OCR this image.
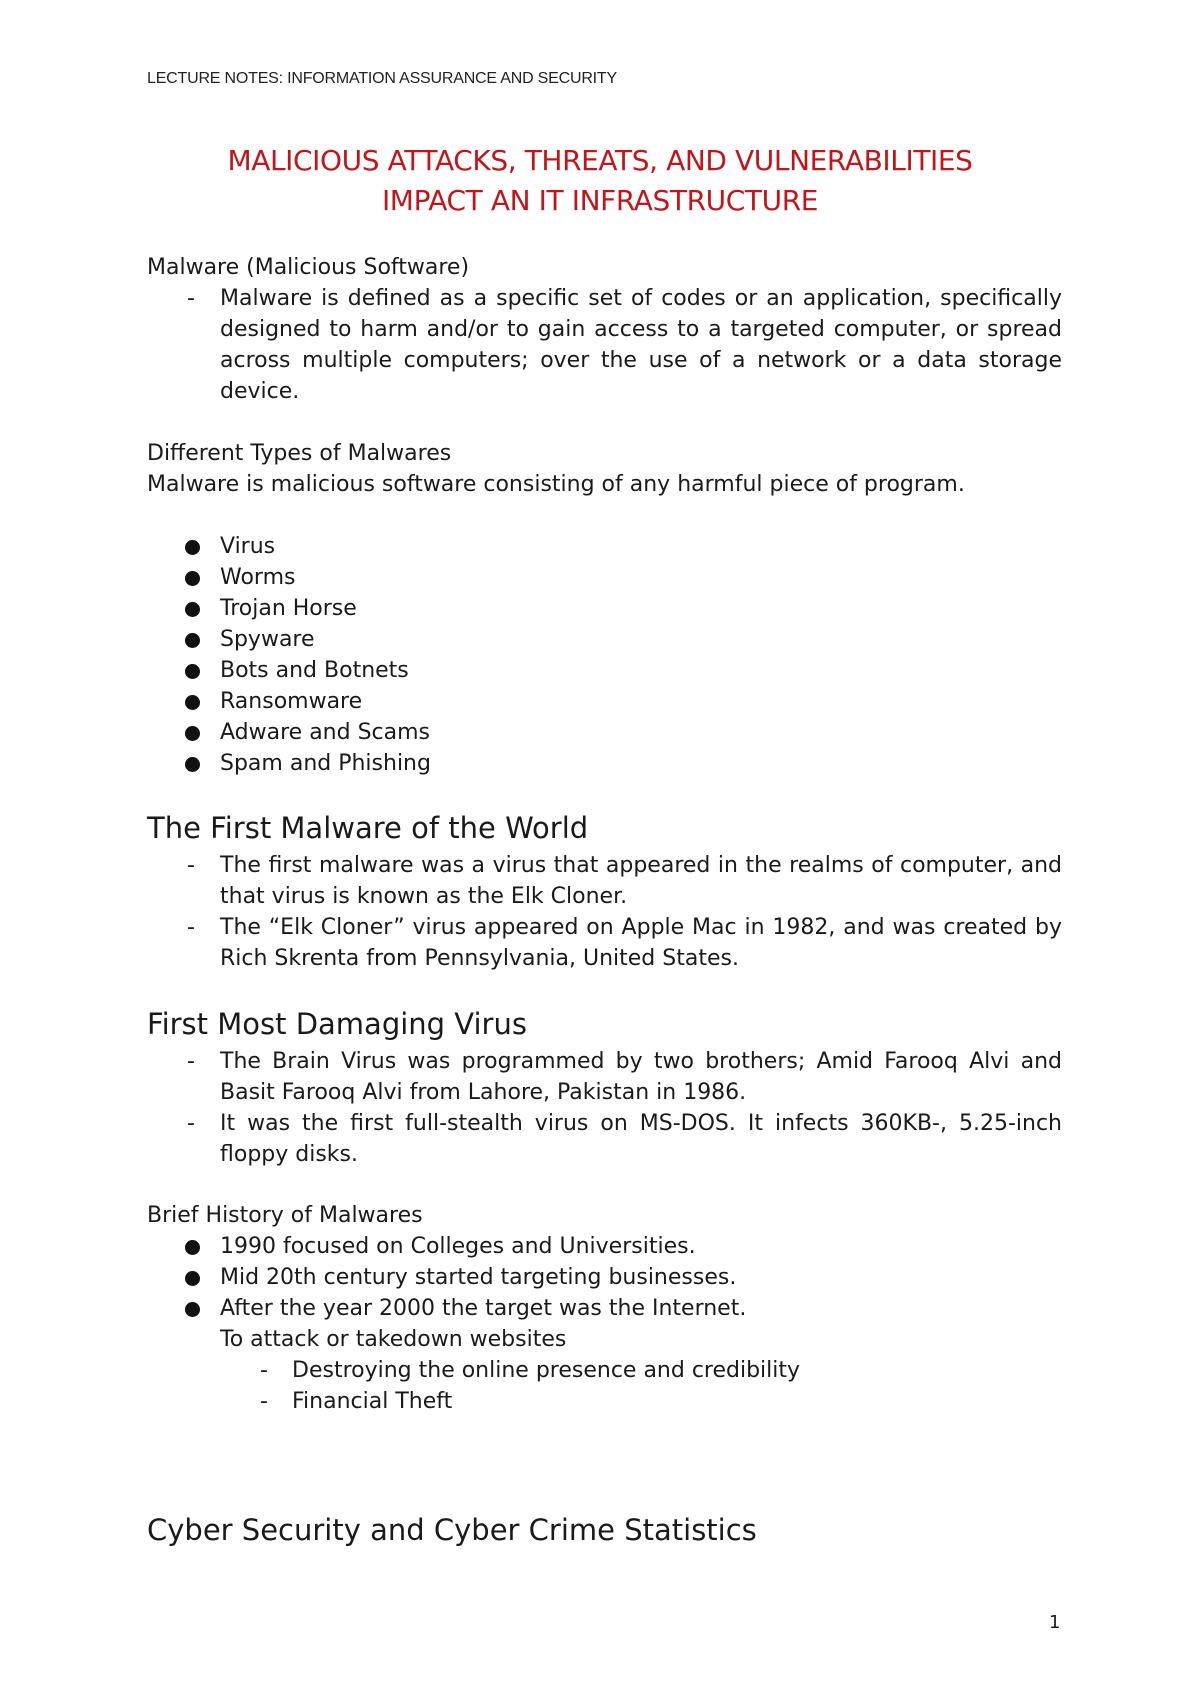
LECTURE NOTES: INFORMATION ASSURANCE AND SECURITY
MALICIOUS ATTACKS, THREATS, AND VULNERABILITIES
IMPACT AN IT INFRASTRUCTURE
Malware (Malicious Software)
- Malware is defined as a specific set of codes or an application, specifically designed to harm and/or to gain access to a targeted computer, or spread across multiple computers; over the use of a network or a data storage device.
Different Types of Malwares
Malware is malicious software consisting of any harmful piece of program.
Virus
Worms
Trojan Horse
Spyware
Bots and Botnets
Ransomware
Adware and Scams
Spam and Phishing
The First Malware of the World
- The first malware was a virus that appeared in the realms of computer, and that virus is known as the Elk Cloner.
- The “Elk Cloner” virus appeared on Apple Mac in 1982, and was created by Rich Skrenta from Pennsylvania, United States.
First Most Damaging Virus
- The Brain Virus was programmed by two brothers; Amid Farooq Alvi and Basit Farooq Alvi from Lahore, Pakistan in 1986.
- It was the first full-stealth virus on MS-DOS. It infects 360KB-, 5.25-inch floppy disks.
Brief History of Malwares
1990 focused on Colleges and Universities.
Mid 20th century started targeting businesses.
After the year 2000 the target was the Internet.
To attack or takedown websites
- Destroying the online presence and credibility
- Financial Theft
Cyber Security and Cyber Crime Statistics
1
